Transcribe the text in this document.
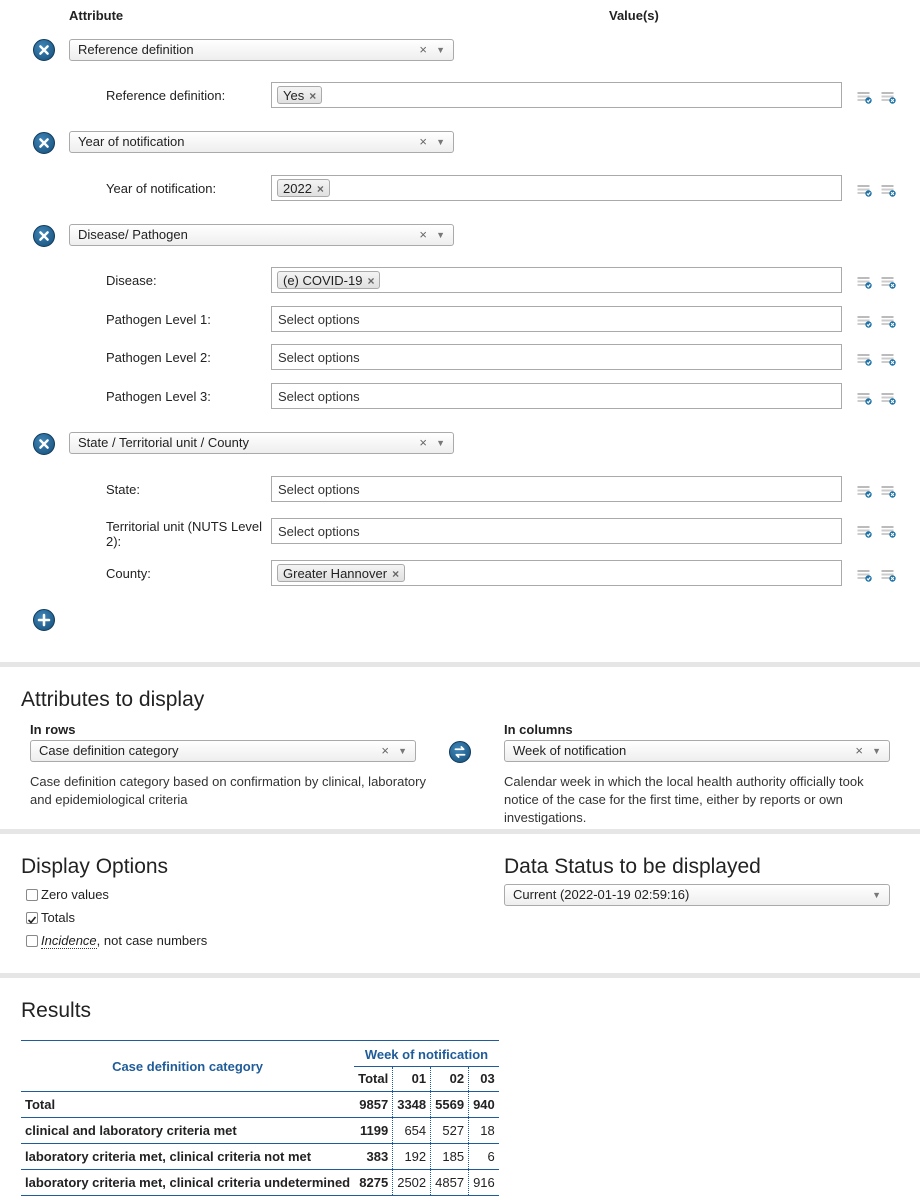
Attribute	Value(s)
Reference definition	× ▼
Reference definition:	Yes ×
Year of notification	× ▼
Year of notification:	2022 ×
Disease/ Pathogen	× ▼
Disease:	(e) COVID-19 ×
Pathogen Level 1:	Select options
Pathogen Level 2:	Select options
Pathogen Level 3:	Select options
State / Territorial unit / County	× ▼
State:	Select options
Territorial unit (NUTS Level 2):
Select options
County:	Greater Hannover ×
Attributes to display
In rows
Case definition category	× ▼
Case definition category based on confirmation by clinical, laboratory and epidemiological criteria
In columns
Week of notification	× ▼
Calendar week in which the local health authority officially took notice of the case for the first time, either by reports or own investigations.
Display Options
Zero values
Totals
Incidence, not case numbers
Data Status to be displayed
Current (2022-01-19 02:59:16)	▼
Results
Case definition category	Week of notification			
	Total	01	02	03
Total	9857	3348	5569	940
clinical and laboratory criteria met	1199	654	527	18
laboratory criteria met, clinical criteria not met	383	192	185	6
laboratory criteria met, clinical criteria undetermined	8275	2502	4857	916
